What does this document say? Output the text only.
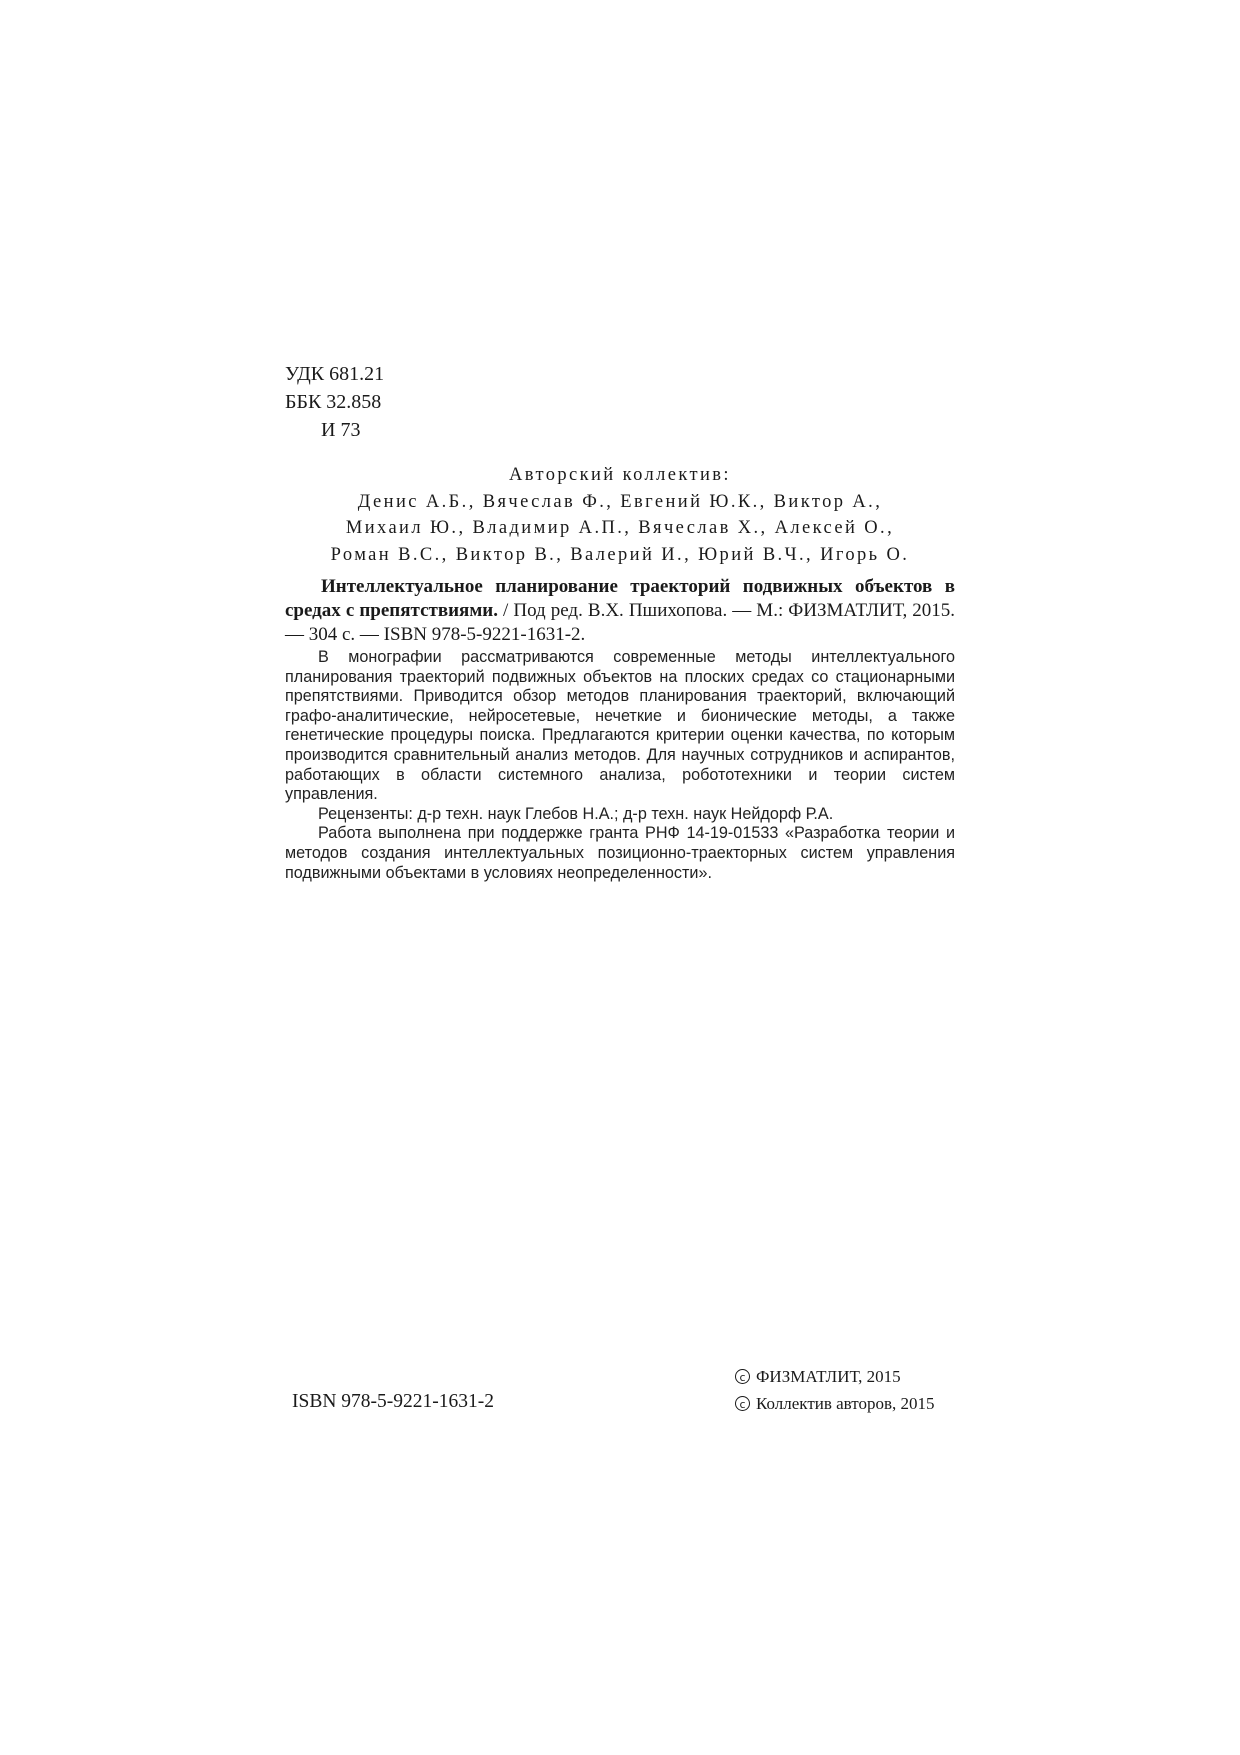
УДК 681.21
ББК 32.858
И 73
Авторский коллектив:
Денис А.Б., Вячеслав Ф., Евгений Ю.К., Виктор А.,
Михаил Ю., Владимир А.П., Вячеслав Х., Алексей О.,
Роман В.С., Виктор В., Валерий И., Юрий В.Ч., Игорь О.

Интеллектуальное планирование траекторий подвижных объектов в средах с препятствиями. / Под ред. В.Х. Пшихопова. — М.: ФИЗМАТЛИТ, 2015. — 304 с. — ISBN 978-5-9221-1631-2.

В монографии рассматриваются современные методы интеллектуального планирования траекторий подвижных объектов на плоских средах со стационарными препятствиями. Приводится обзор методов планирования траекторий, включающий графо-аналитические, нейросетевые, нечеткие и бионические методы, а также генетические процедуры поиска. Предлагаются критерии оценки качества, по которым производится сравнительный анализ методов. Для научных сотрудников и аспирантов, работающих в области системного анализа, робототехники и теории систем управления.

Рецензенты: д-р техн. наук Глебов Н.А.; д-р техн. наук Нейдорф Р.А.

Работа выполнена при поддержке гранта РНФ 14-19-01533 «Разработка теории и методов создания интеллектуальных позиционно-траекторных систем управления подвижными объектами в условиях неопределенности».

c ФИЗМАТЛИТ, 2015
c Коллектив авторов, 2015
ISBN 978-5-9221-1631-2
